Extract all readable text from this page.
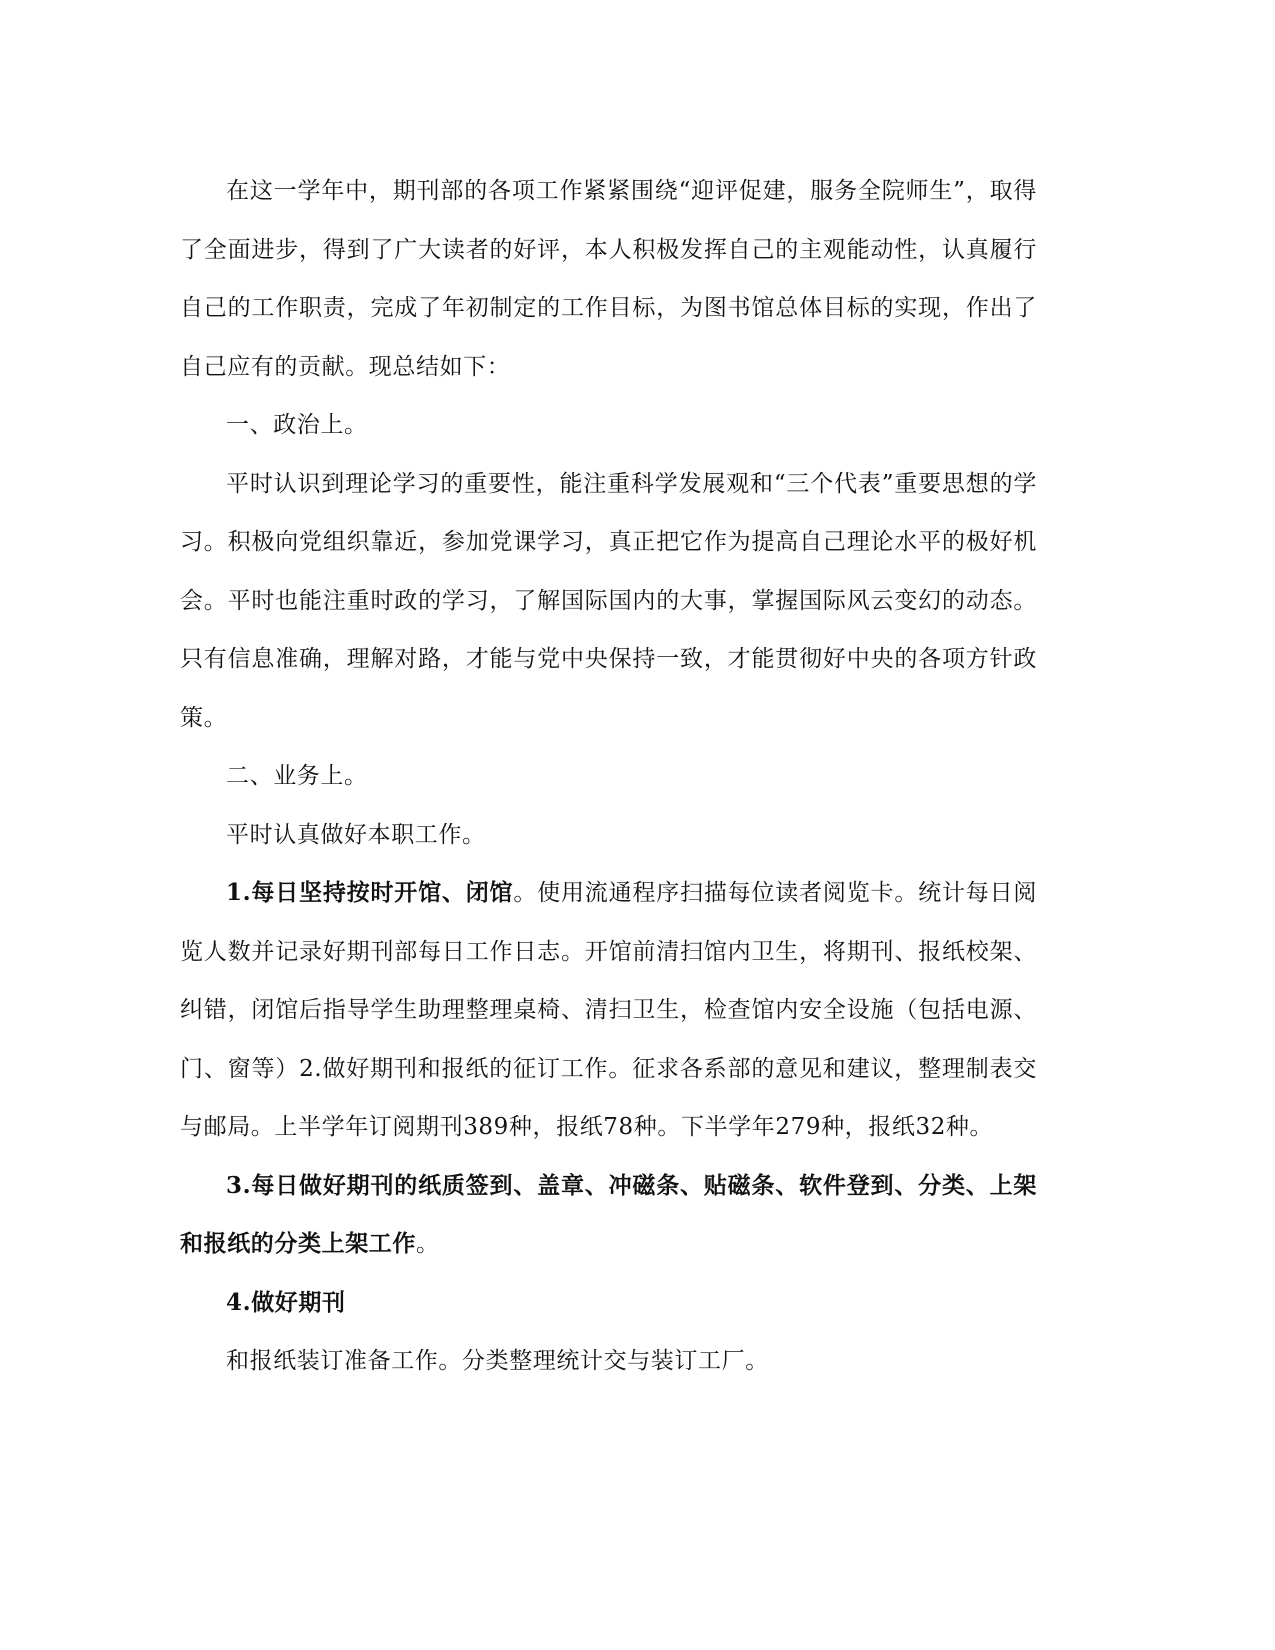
在这一学年中，期刊部的各项工作紧紧围绕“迎评促建，服务全院师生”，取得了全面进步，得到了广大读者的好评，本人积极发挥自己的主观能动性，认真履行自己的工作职责，完成了年初制定的工作目标，为图书馆总体目标的实现，作出了自己应有的贡献。现总结如下：

一、政治上。

平时认识到理论学习的重要性，能注重科学发展观和“三个代表”重要思想的学习。积极向党组织靠近，参加党课学习，真正把它作为提高自己理论水平的极好机会。平时也能注重时政的学习，了解国际国内的大事，掌握国际风云变幻的动态。只有信息准确，理解对路，才能与党中央保持一致，才能贯彻好中央的各项方针政策。

二、业务上。

平时认真做好本职工作。

1.每日坚持按时开馆、闭馆。使用流通程序扫描每位读者阅览卡。统计每日阅览人数并记录好期刊部每日工作日志。开馆前清扫馆内卫生，将期刊、报纸校架、纠错，闭馆后指导学生助理整理桌椅、清扫卫生，检查馆内安全设施（包括电源、门、窗等）2.做好期刊和报纸的征订工作。征求各系部的意见和建议，整理制表交与邮局。上半学年订阅期刊389种，报纸78种。下半学年279种，报纸32种。

3.每日做好期刊的纸质签到、盖章、冲磁条、贴磁条、软件登到、分类、上架和报纸的分类上架工作。

4.做好期刊

和报纸装订准备工作。分类整理统计交与装订工厂。
